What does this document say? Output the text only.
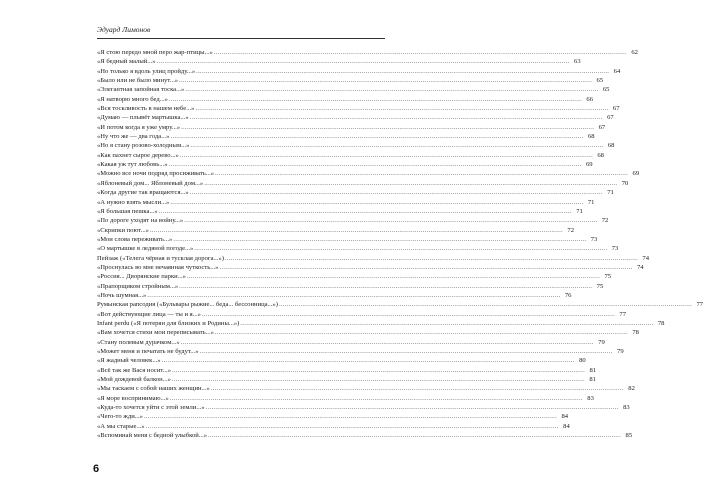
Эдуард Лимонов
«Я стою передо мной перо жар-птицы...» .....	62
«Я бедный малый...» .....	63
«Но только я вдоль улиц пройду...» .....	64
«Было или не было минут...» .....	65
«Элегантная запойная тоска...» .....	65
«Я натворю много бед...» .....	66
«Вся тоскливость в нашем небе...» .....	67
«Думаю — плывёт мартышка...» .....	67
«И потом когда я уже умру...» .....	67
«Ну что же — два года...» .....	68
«Но я стану розово-холодным...» .....	68
«Как пахнет сырое дерево...» .....	68
«Какая уж тут любовь...» .....	69
«Можно все ночи подряд просиживать...» .....	69
«Яблоневый дом... Яблоневый дом...» .....	70
«Когда другие так вращаются...» .....	71
«А нужно взять мысли...» .....	71
«Я большая пешка...» .....	71
«По дороге уходят на войну...» .....	72
«Скрипки поют...» .....	72
«Мои слова переживать...» .....	73
«О мартышке в ледяной погоде...» .....	73
Пейзаж («Телега чёрная и тусклая дорога...») .....	74
«Проснулась во мне нечаянная чуткость...» .....	74
«Россия... Дворянские парки...» .....	75
«Прапорщиком стройным...» .....	75
«Ночь шумная...» .....	76
Румынская рапсодия («Бульвары рыжие... беда... бессонница...») .....	77
«Вот действующие лица — ты и я...» .....	77
Infant perdu («Я потерян для близких и Родины...») .....	78
«Вам хочется стихи мои переписывать...» .....	78
«Стану полевым дурачком...» .....	79
«Может меня и печатать не будут...» .....	79
«Я жадный человек...» .....	80
«Всё так же Вася носит...» .....	81
«Мой дождевой балкон...» .....	81
«Мы таскаем с собой наших женщин...» .....	82
«Я море воспринимаю...» .....	83
«Куда-то хочется уйти с этой земли...» .....	83
«Чего-то жди...» .....	84
«А мы старые...» .....	84
«Вспоминай меня с бедной улыбкой...» .....	85
6
